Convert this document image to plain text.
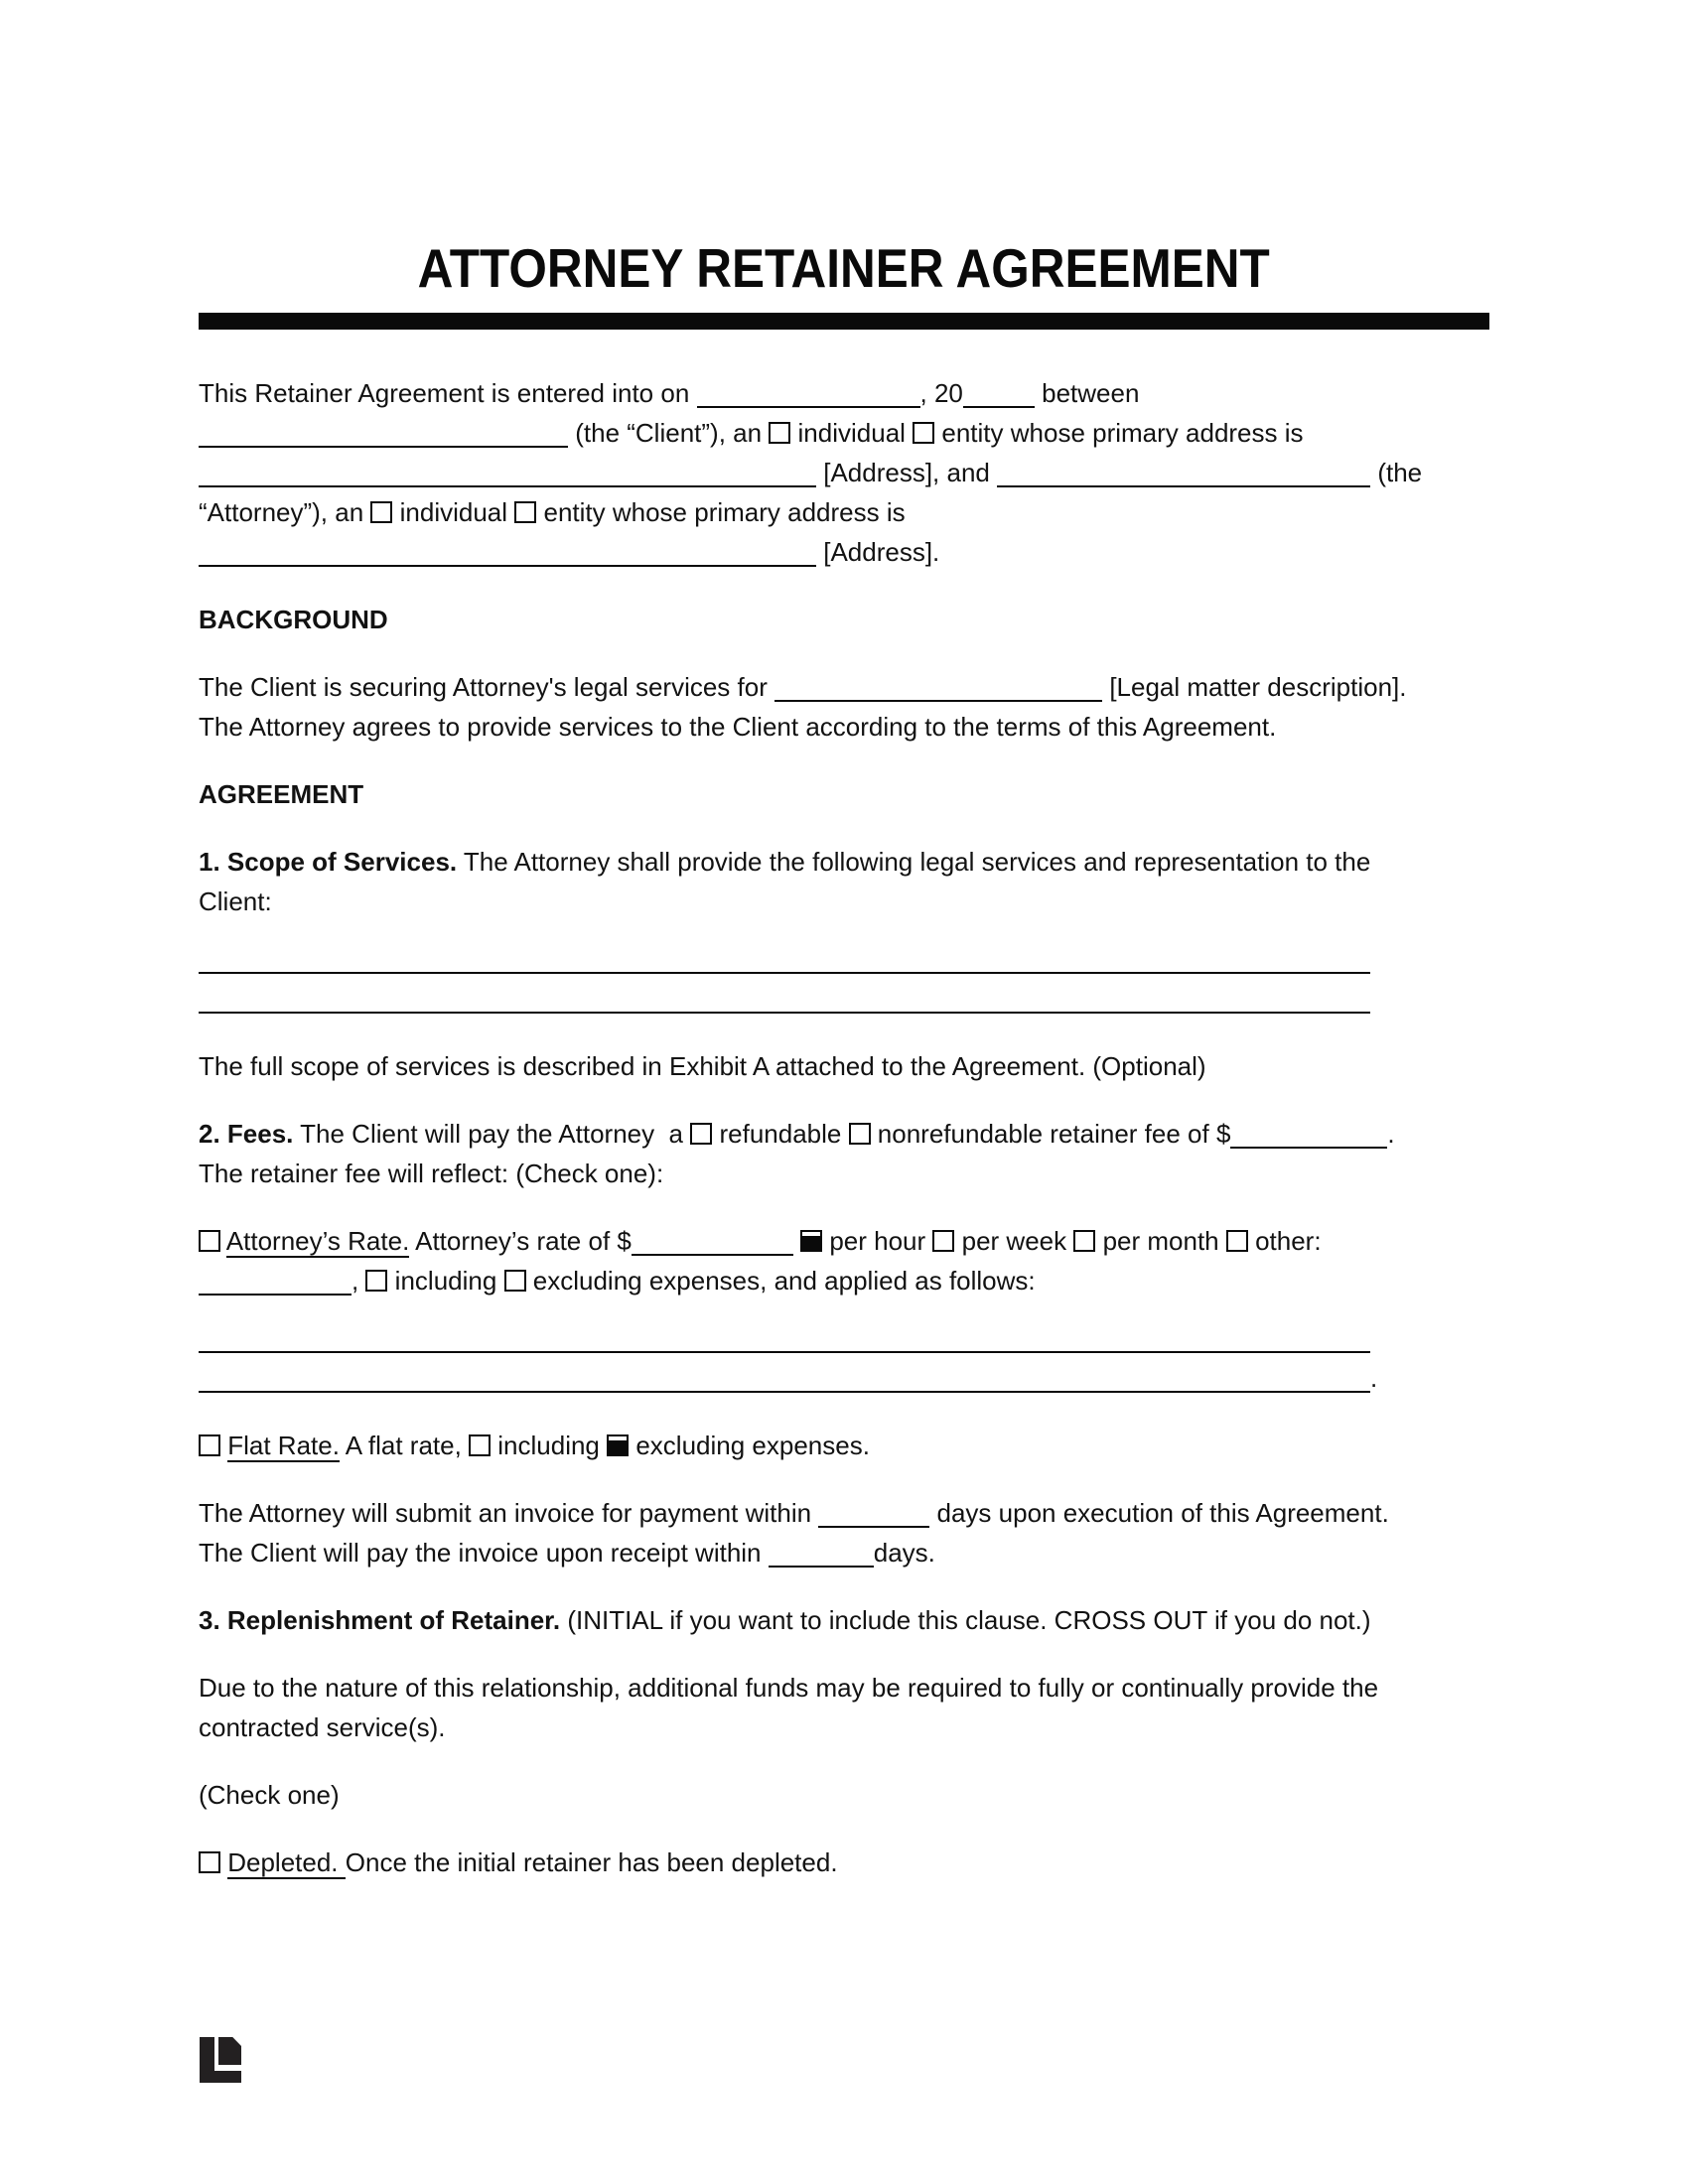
ATTORNEY RETAINER AGREEMENT
This Retainer Agreement is entered into on	, 20	between
(the “Client”), an  individual  entity whose primary address is
[Address], and	(the
“Attorney”), an  individual  entity whose primary address is
[Address].
BACKGROUND
The Client is securing Attorney's legal services for	[Legal matter description].
The Attorney agrees to provide services to the Client according to the terms of this Agreement.
AGREEMENT
1. Scope of Services. The Attorney shall provide the following legal services and representation to the
Client:

The full scope of services is described in Exhibit A attached to the Agreement. (Optional)
2. Fees. The Client will pay the Attorney  a  refundable  nonrefundable retainer fee of $	.
The retainer fee will reflect: (Check one):
Attorney’s Rate. Attorney’s rate of $	per hour  per week  per month  other:
,  including  excluding expenses, and applied as follows:

.
Flat Rate. A flat rate,  including  excluding expenses.
The Attorney will submit an invoice for payment within	days upon execution of this Agreement.
The Client will pay the invoice upon receipt within	days.
3. Replenishment of Retainer. (INITIAL if you want to include this clause. CROSS OUT if you do not.)
Due to the nature of this relationship, additional funds may be required to fully or continually provide the
contracted service(s).
(Check one)
Depleted. Once the initial retainer has been depleted.
